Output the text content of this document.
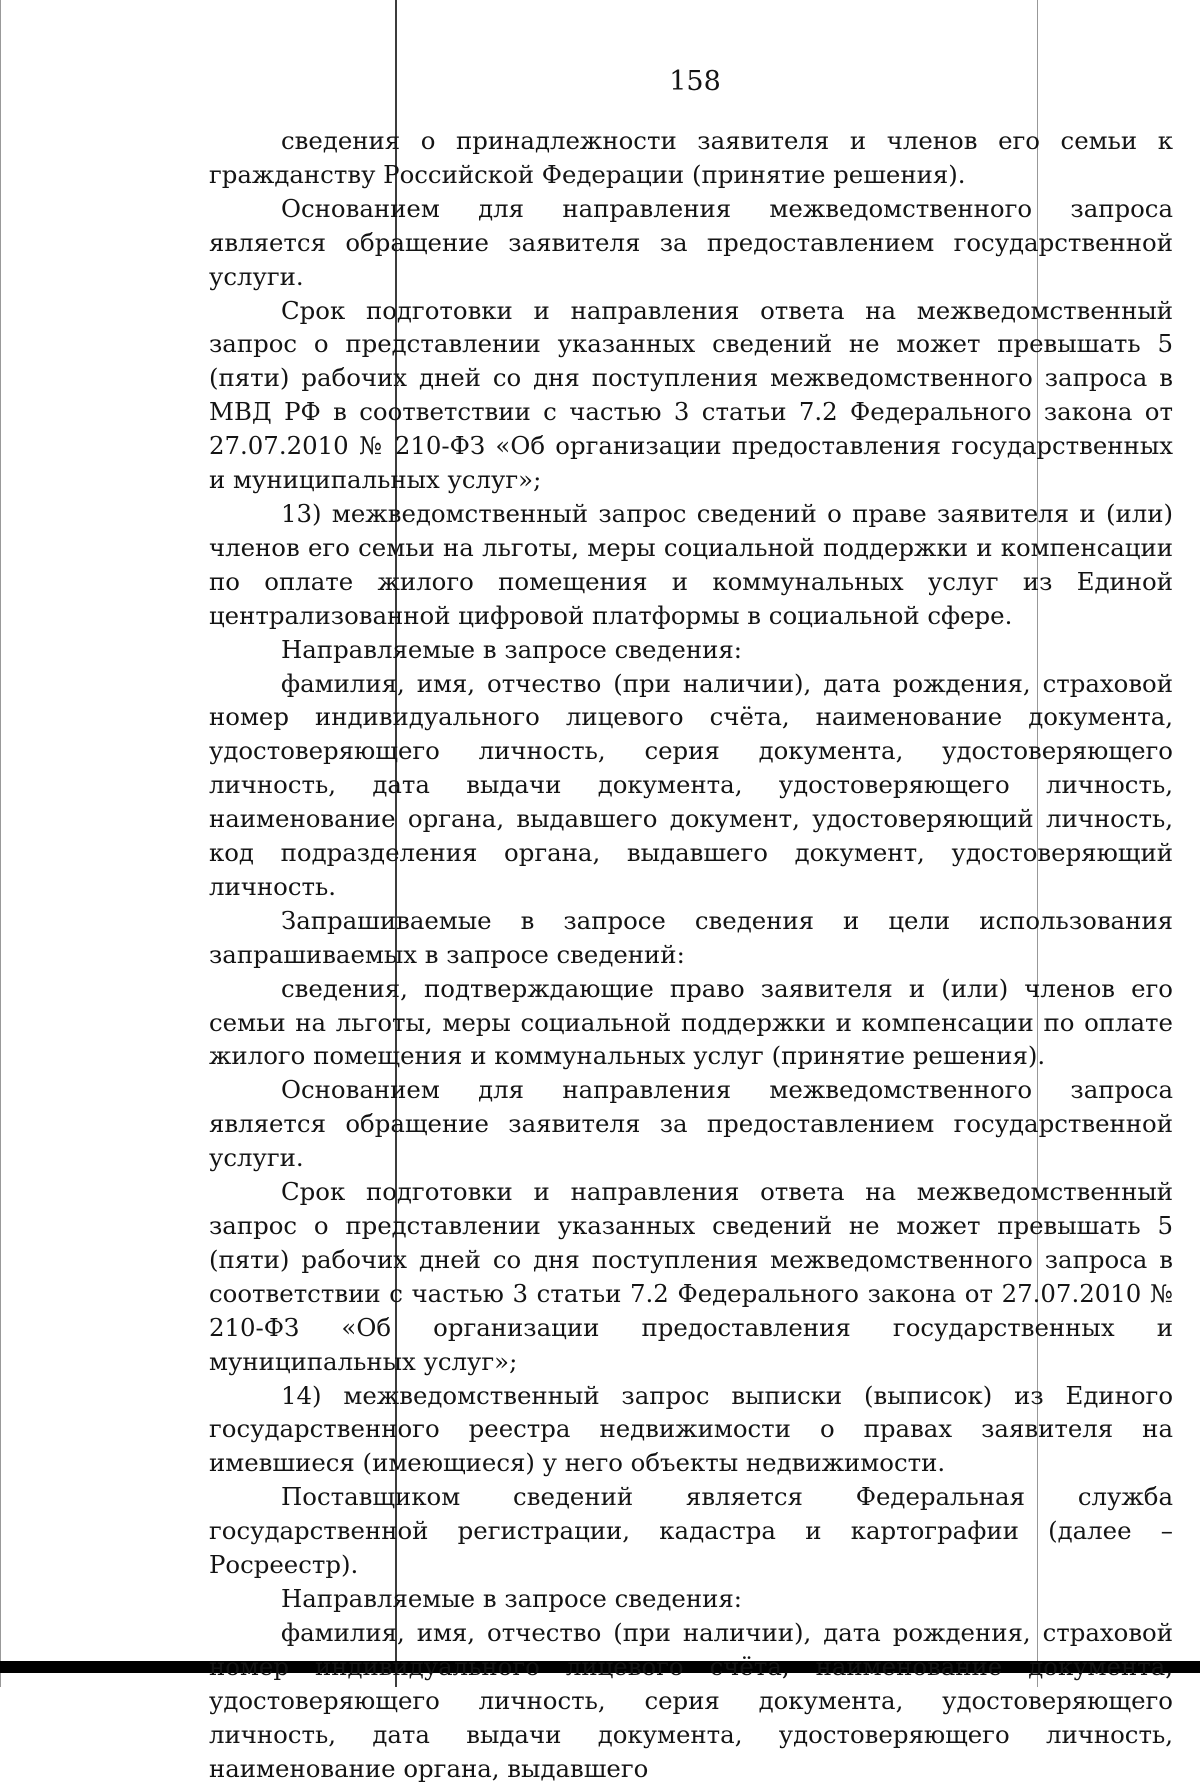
158

сведения о принадлежности заявителя и членов его семьи к гражданству Российской Федерации (принятие решения).

Основанием для направления межведомственного запроса является обращение заявителя за предоставлением государственной услуги.

Срок подготовки и направления ответа на межведомственный запрос о представлении указанных сведений не может превышать 5 (пяти) рабочих дней со дня поступления межведомственного запроса в МВД РФ в соответствии с частью 3 статьи 7.2 Федерального закона от 27.07.2010 № 210-ФЗ «Об организации предоставления государственных и муниципальных услуг»;

13) межведомственный запрос сведений о праве заявителя и (или) членов его семьи на льготы, меры социальной поддержки и компенсации по оплате жилого помещения и коммунальных услуг из Единой централизованной цифровой платформы в социальной сфере.

Направляемые в запросе сведения:

фамилия, имя, отчество (при наличии), дата рождения, страховой номер индивидуального лицевого счёта, наименование документа, удостоверяющего личность, серия документа, удостоверяющего личность, дата выдачи документа, удостоверяющего личность, наименование органа, выдавшего документ, удостоверяющий личность, код подразделения органа, выдавшего документ, удостоверяющий личность.

Запрашиваемые в запросе сведения и цели использования запрашиваемых в запросе сведений:

сведения, подтверждающие право заявителя и (или) членов его семьи на льготы, меры социальной поддержки и компенсации по оплате жилого помещения и коммунальных услуг (принятие решения).

Основанием для направления межведомственного запроса является обращение заявителя за предоставлением государственной услуги.

Срок подготовки и направления ответа на межведомственный запрос о представлении указанных сведений не может превышать 5 (пяти) рабочих дней со дня поступления межведомственного запроса в соответствии с частью 3 статьи 7.2 Федерального закона от 27.07.2010 № 210-ФЗ «Об организации предоставления государственных и муниципальных услуг»;

14) межведомственный запрос выписки (выписок) из Единого государственного реестра недвижимости о правах заявителя на имевшиеся (имеющиеся) у него объекты недвижимости.

Поставщиком сведений является Федеральная служба государственной регистрации, кадастра и картографии (далее – Росреестр).

Направляемые в запросе сведения:

фамилия, имя, отчество (при наличии), дата рождения, страховой номер индивидуального лицевого счёта, наименование документа, удостоверяющего личность, серия документа, удостоверяющего личность, дата выдачи документа, удостоверяющего личность, наименование органа, выдавшего
